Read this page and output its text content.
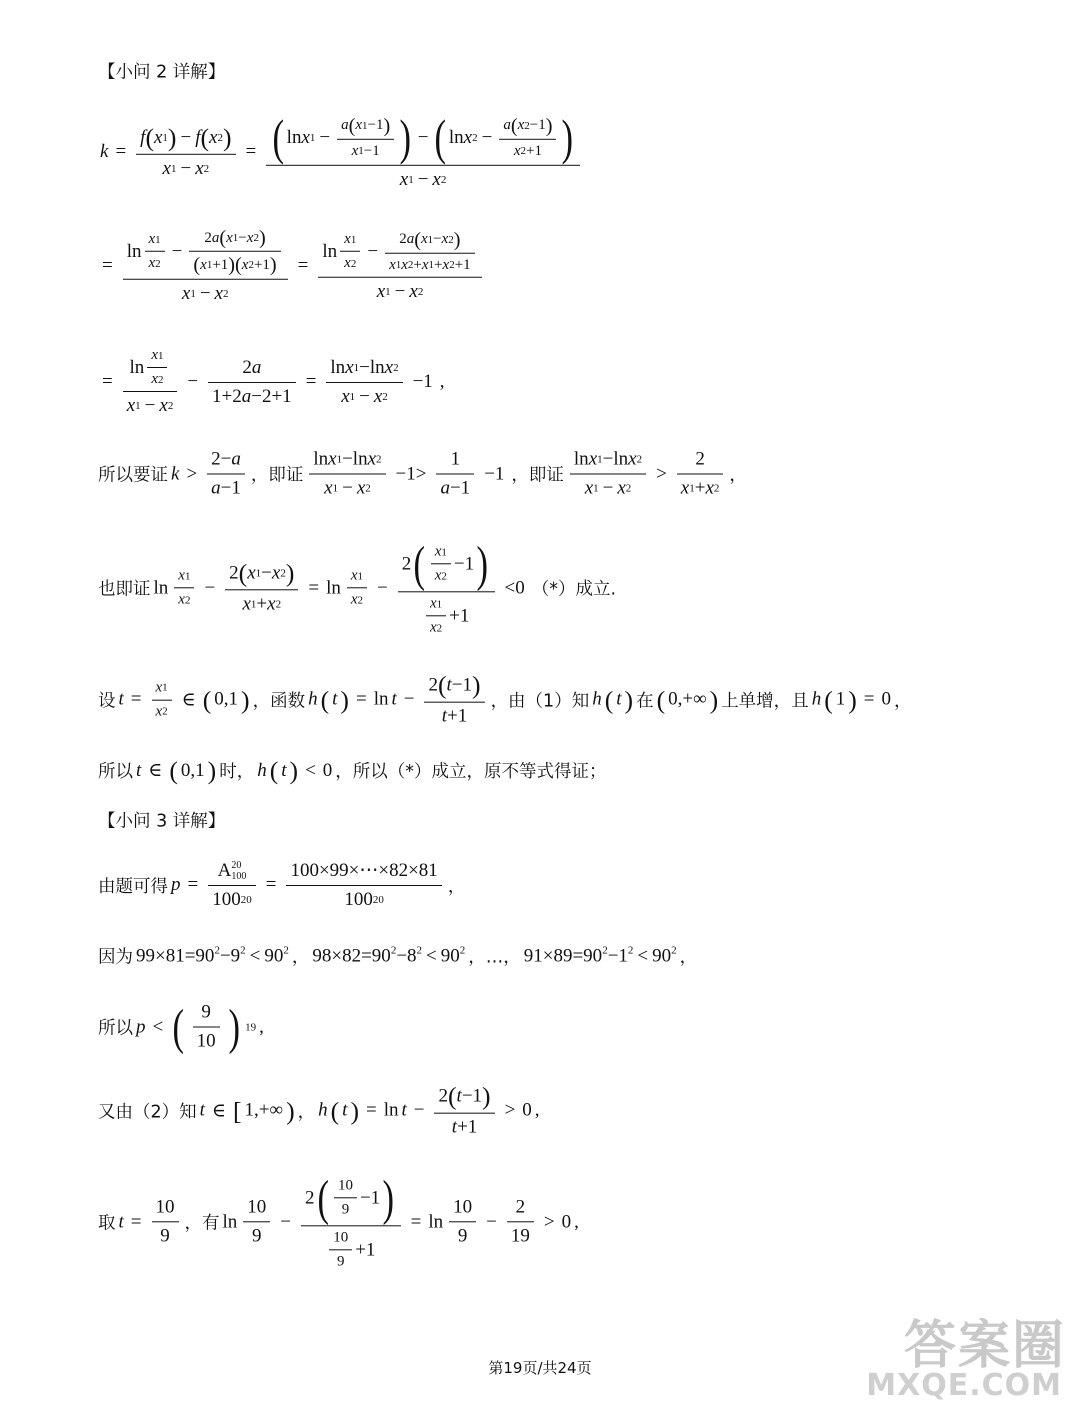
【小问 2 详解】
$k = \frac{f ( x 1 ) - f ( x 2 )}{x 1 - x 2}$ = ( ln x $1 - \frac{a ( x 1 -1 )}{x 1 -1}$ ) − ( ln x $2 - \frac{a ( x 2 -1 )}{x 2 +1}$ )
x 1 − x 2
= $\frac{\ln \frac{x 1}{x 2} - \frac{2 a ( x 1 - x 2 )}{( x 1 +1 ) ( x 2 +1 )}}{x 1 - x 2} = \frac{\ln \frac{x 1}{x 2} - \frac{2 a ( x 1 - x 2 )}{x 1 x 2 + x 1 + x 2 +1}}{x 1 - x 2}$
= $\frac{\ln \frac{x 1}{x 2}}{x 1 - x 2} - \frac{2 a}{1+2 a -2+1} = \frac{\text{ln x 1 −ln x 2}}{x 1 - x 2} -1$ ,
所以要证 $k > \frac{2- a}{a -1}$ ，即证 $\frac{\text{ln x 1 −ln x 2}}{x 1 - x 2} -1> \frac{1}{a -1} -1$ ，即证 $\frac{\text{ln x 1 −ln x 2}}{x 1 - x 2} > \frac{2}{x 1 + x 2}$ ，
也即证 $\ln \frac{x 1}{x 2} - \frac{2 ( x 1 - x 2 )}{x 1 + x 2} = \ln \frac{x 1}{x 2} - \frac{2 ( \frac{x 1}{x 2} -1 )}{\frac{x 1}{x 2} +1} <0$ （*）成立.
设 $t = \frac{x 1}{x 2}$ ∈ ( 0,1 ) ，函数 h ( t ) = $\ln t - \frac{2 ( t -1 )}{t +1}$ ，由（1）知 h ( t ) 在 ( 0,+∞ ) 上单增，且 h ( 1 ) = 0 ，
所以 t ∈ ( 0,1 ) 时， h ( t ) < 0 ，所以（*）成立，原不等式得证；
【小问 3 详解】
由题可得 p = A 20
100
100 $20 = \frac{100\times 99\times\cdots\times 82\times 81}{100 20}$ ，
因为 $99\times 81=90^2-9^2 < 90^2$ ， $98\times 82=90^2-8^2 < 90^2$ ，…， $91\times 89=90^2-1^2 < 90^2$ ，
所以 p < ( $\frac{9}{10}$ ) 19 ,
又由（2）知 t ∈ [ 1,+∞ ) ， h ( t ) = $\ln t - \frac{2 ( t -1 )}{t +1} > 0$ ,
取 $t = \frac{10}{9}$ ，有 $\ln \frac{10}{9} - \frac{2 ( \frac{10}{9} -1 )}{\frac{10}{9} +1} = \ln \frac{10}{9} - \frac{2}{19} > 0$ ,
第19页/共24页	答案圈
MXQE.COM
